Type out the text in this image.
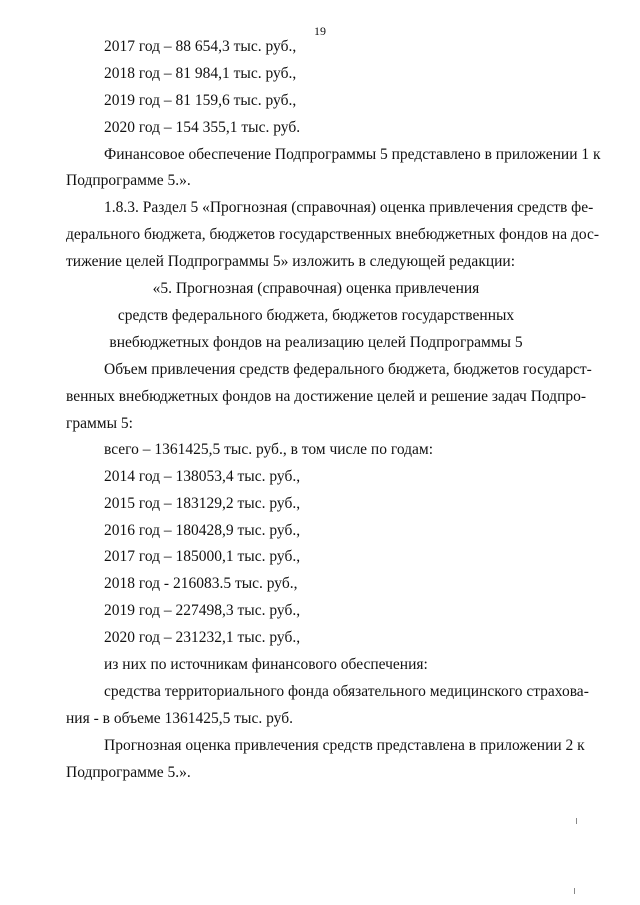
19
2017 год – 88 654,3 тыс. руб.,
2018 год – 81 984,1 тыс. руб.,
2019 год – 81 159,6 тыс. руб.,
2020 год – 154 355,1 тыс. руб.
Финансовое обеспечение Подпрограммы 5 представлено в приложении 1 к
Подпрограмме 5.».
1.8.3. Раздел 5 «Прогнозная (справочная) оценка привлечения средств фе-
дерального бюджета, бюджетов государственных внебюджетных фондов на дос-
тижение целей Подпрограммы 5» изложить в следующей редакции:
«5. Прогнозная (справочная) оценка привлечения
средств федерального бюджета, бюджетов государственных
внебюджетных фондов на реализацию целей Подпрограммы 5
Объем привлечения средств федерального бюджета, бюджетов государст-
венных внебюджетных фондов на достижение целей и решение задач Подпро-
граммы 5:
всего – 1361425,5 тыс. руб., в том числе по годам:
2014 год – 138053,4 тыс. руб.,
2015 год – 183129,2 тыс. руб.,
2016 год – 180428,9 тыс. руб.,
2017 год – 185000,1 тыс. руб.,
2018 год - 216083.5 тыс. руб.,
2019 год – 227498,3 тыс. руб.,
2020 год – 231232,1 тыс. руб.,
из них по источникам финансового обеспечения:
средства территориального фонда обязательного медицинского страхова-
ния - в объеме 1361425,5 тыс. руб.
Прогнозная оценка привлечения средств представлена в приложении 2 к
Подпрограмме 5.».
